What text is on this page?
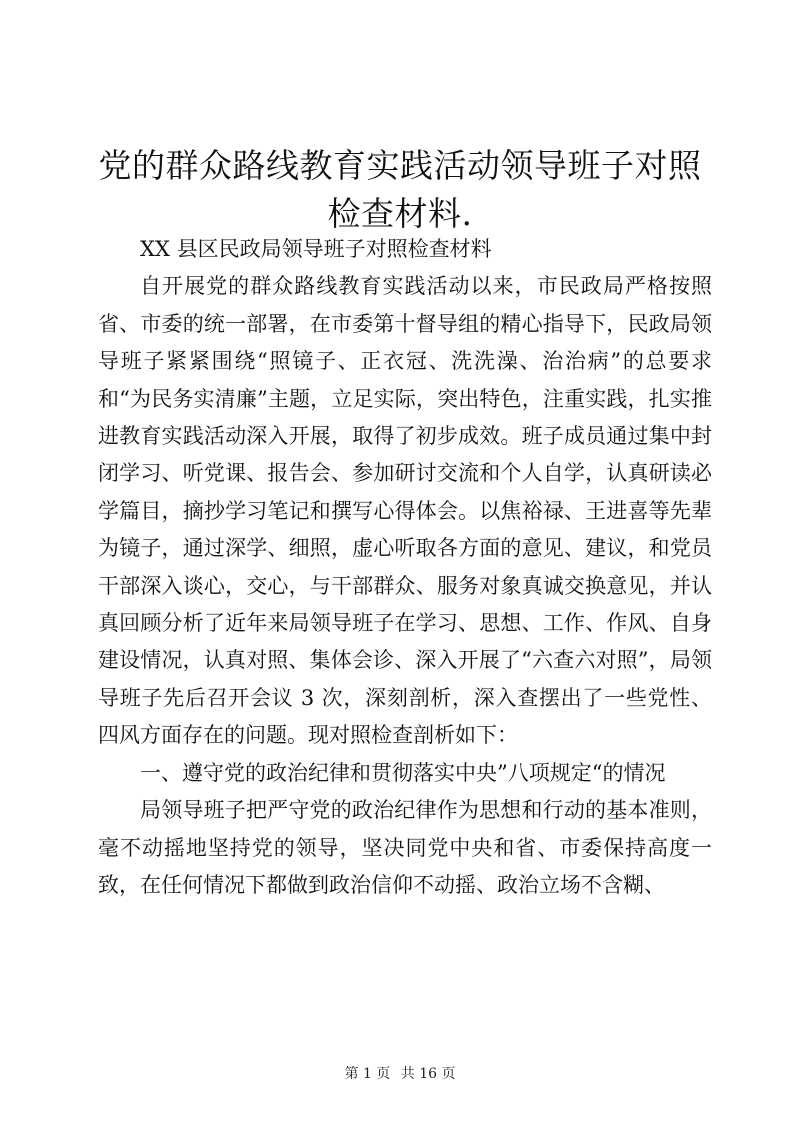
党的群众路线教育实践活动领导班子对照检查材料.

XX 县区民政局领导班子对照检查材料

自开展党的群众路线教育实践活动以来，市民政局严格按照省、市委的统一部署，在市委第十督导组的精心指导下，民政局领导班子紧紧围绕“照镜子、正衣冠、洗洗澡、治治病”的总要求和“为民务实清廉”主题，立足实际，突出特色，注重实践，扎实推进教育实践活动深入开展，取得了初步成效。班子成员通过集中封闭学习、听党课、报告会、参加研讨交流和个人自学，认真研读必学篇目，摘抄学习笔记和撰写心得体会。以焦裕禄、王进喜等先辈为镜子，通过深学、细照，虚心听取各方面的意见、建议，和党员干部深入谈心，交心，与干部群众、服务对象真诚交换意见，并认真回顾分析了近年来局领导班子在学习、思想、工作、作风、自身建设情况，认真对照、集体会诊、深入开展了“六查六对照”，局领导班子先后召开会议 3 次，深刻剖析，深入查摆出了一些党性、四风方面存在的问题。现对照检查剖析如下：

一、遵守党的政治纪律和贯彻落实中央”八项规定“的情况

局领导班子把严守党的政治纪律作为思想和行动的基本准则，毫不动摇地坚持党的领导，坚决同党中央和省、市委保持高度一致，在任何情况下都做到政治信仰不动摇、政治立场不含糊、

第 1 页 共 16 页
